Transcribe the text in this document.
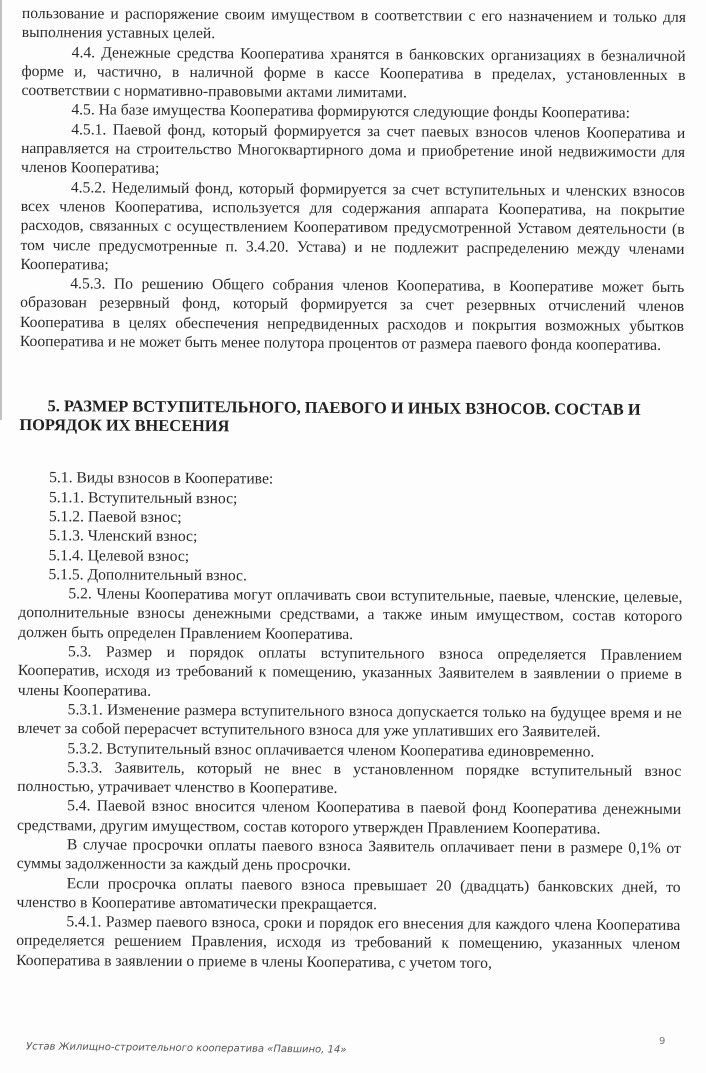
пользование и распоряжение своим имуществом в соответствии с его назначением и только для выполнения уставных целей.

4.4. Денежные средства Кооператива хранятся в банковских организациях в безналичной форме и, частично, в наличной форме в кассе Кооператива в пределах, установленных в соответствии с нормативно-правовыми актами лимитами.

4.5. На базе имущества Кооператива формируются следующие фонды Кооператива:

4.5.1. Паевой фонд, который формируется за счет паевых взносов членов Кооператива и направляется на строительство Многоквартирного дома и приобретение иной недвижимости для членов Кооператива;

4.5.2. Неделимый фонд, который формируется за счет вступительных и членских взносов всех членов Кооператива, используется для содержания аппарата Кооператива, на покрытие расходов, связанных с осуществлением Кооперативом предусмотренной Уставом деятельности (в том числе предусмотренные п. 3.4.20. Устава) и не подлежит распределению между членами Кооператива;

4.5.3. По решению Общего собрания членов Кооператива, в Кооперативе может быть образован резервный фонд, который формируется за счет резервных отчислений членов Кооператива в целях обеспечения непредвиденных расходов и покрытия возможных убытков Кооператива и не может быть менее полутора процентов от размера паевого фонда кооператива.

5. РАЗМЕР ВСТУПИТЕЛЬНОГО, ПАЕВОГО И ИНЫХ ВЗНОСОВ. СОСТАВ И ПОРЯДОК ИХ ВНЕСЕНИЯ

5.1. Виды взносов в Кооперативе:
5.1.1. Вступительный взнос;
5.1.2. Паевой взнос;
5.1.3. Членский взнос;
5.1.4. Целевой взнос;
5.1.5. Дополнительный взнос.

5.2. Члены Кооператива могут оплачивать свои вступительные, паевые, членские, целевые, дополнительные взносы денежными средствами, а также иным имуществом, состав которого должен быть определен Правлением Кооператива.

5.3. Размер и порядок оплаты вступительного взноса определяется Правлением Кооператив, исходя из требований к помещению, указанных Заявителем в заявлении о приеме в члены Кооператива.

5.3.1. Изменение размера вступительного взноса допускается только на будущее время и не влечет за собой перерасчет вступительного взноса для уже уплативших его Заявителей.

5.3.2. Вступительный взнос оплачивается членом Кооператива единовременно.

5.3.3. Заявитель, который не внес в установленном порядке вступительный взнос полностью, утрачивает членство в Кооперативе.

5.4. Паевой взнос вносится членом Кооператива в паевой фонд Кооператива денежными средствами, другим имуществом, состав которого утвержден Правлением Кооператива.

В случае просрочки оплаты паевого взноса Заявитель оплачивает пени в размере 0,1% от суммы задолженности за каждый день просрочки.

Если просрочка оплаты паевого взноса превышает 20 (двадцать) банковских дней, то членство в Кооперативе автоматически прекращается.

5.4.1. Размер паевого взноса, сроки и порядок его внесения для каждого члена Кооператива определяется решением Правления, исходя из требований к помещению, указанных членом Кооператива в заявлении о приеме в члены Кооператива, с учетом того,

Устав Жилищно-строительного кооператива «Павшино, 14»	9
